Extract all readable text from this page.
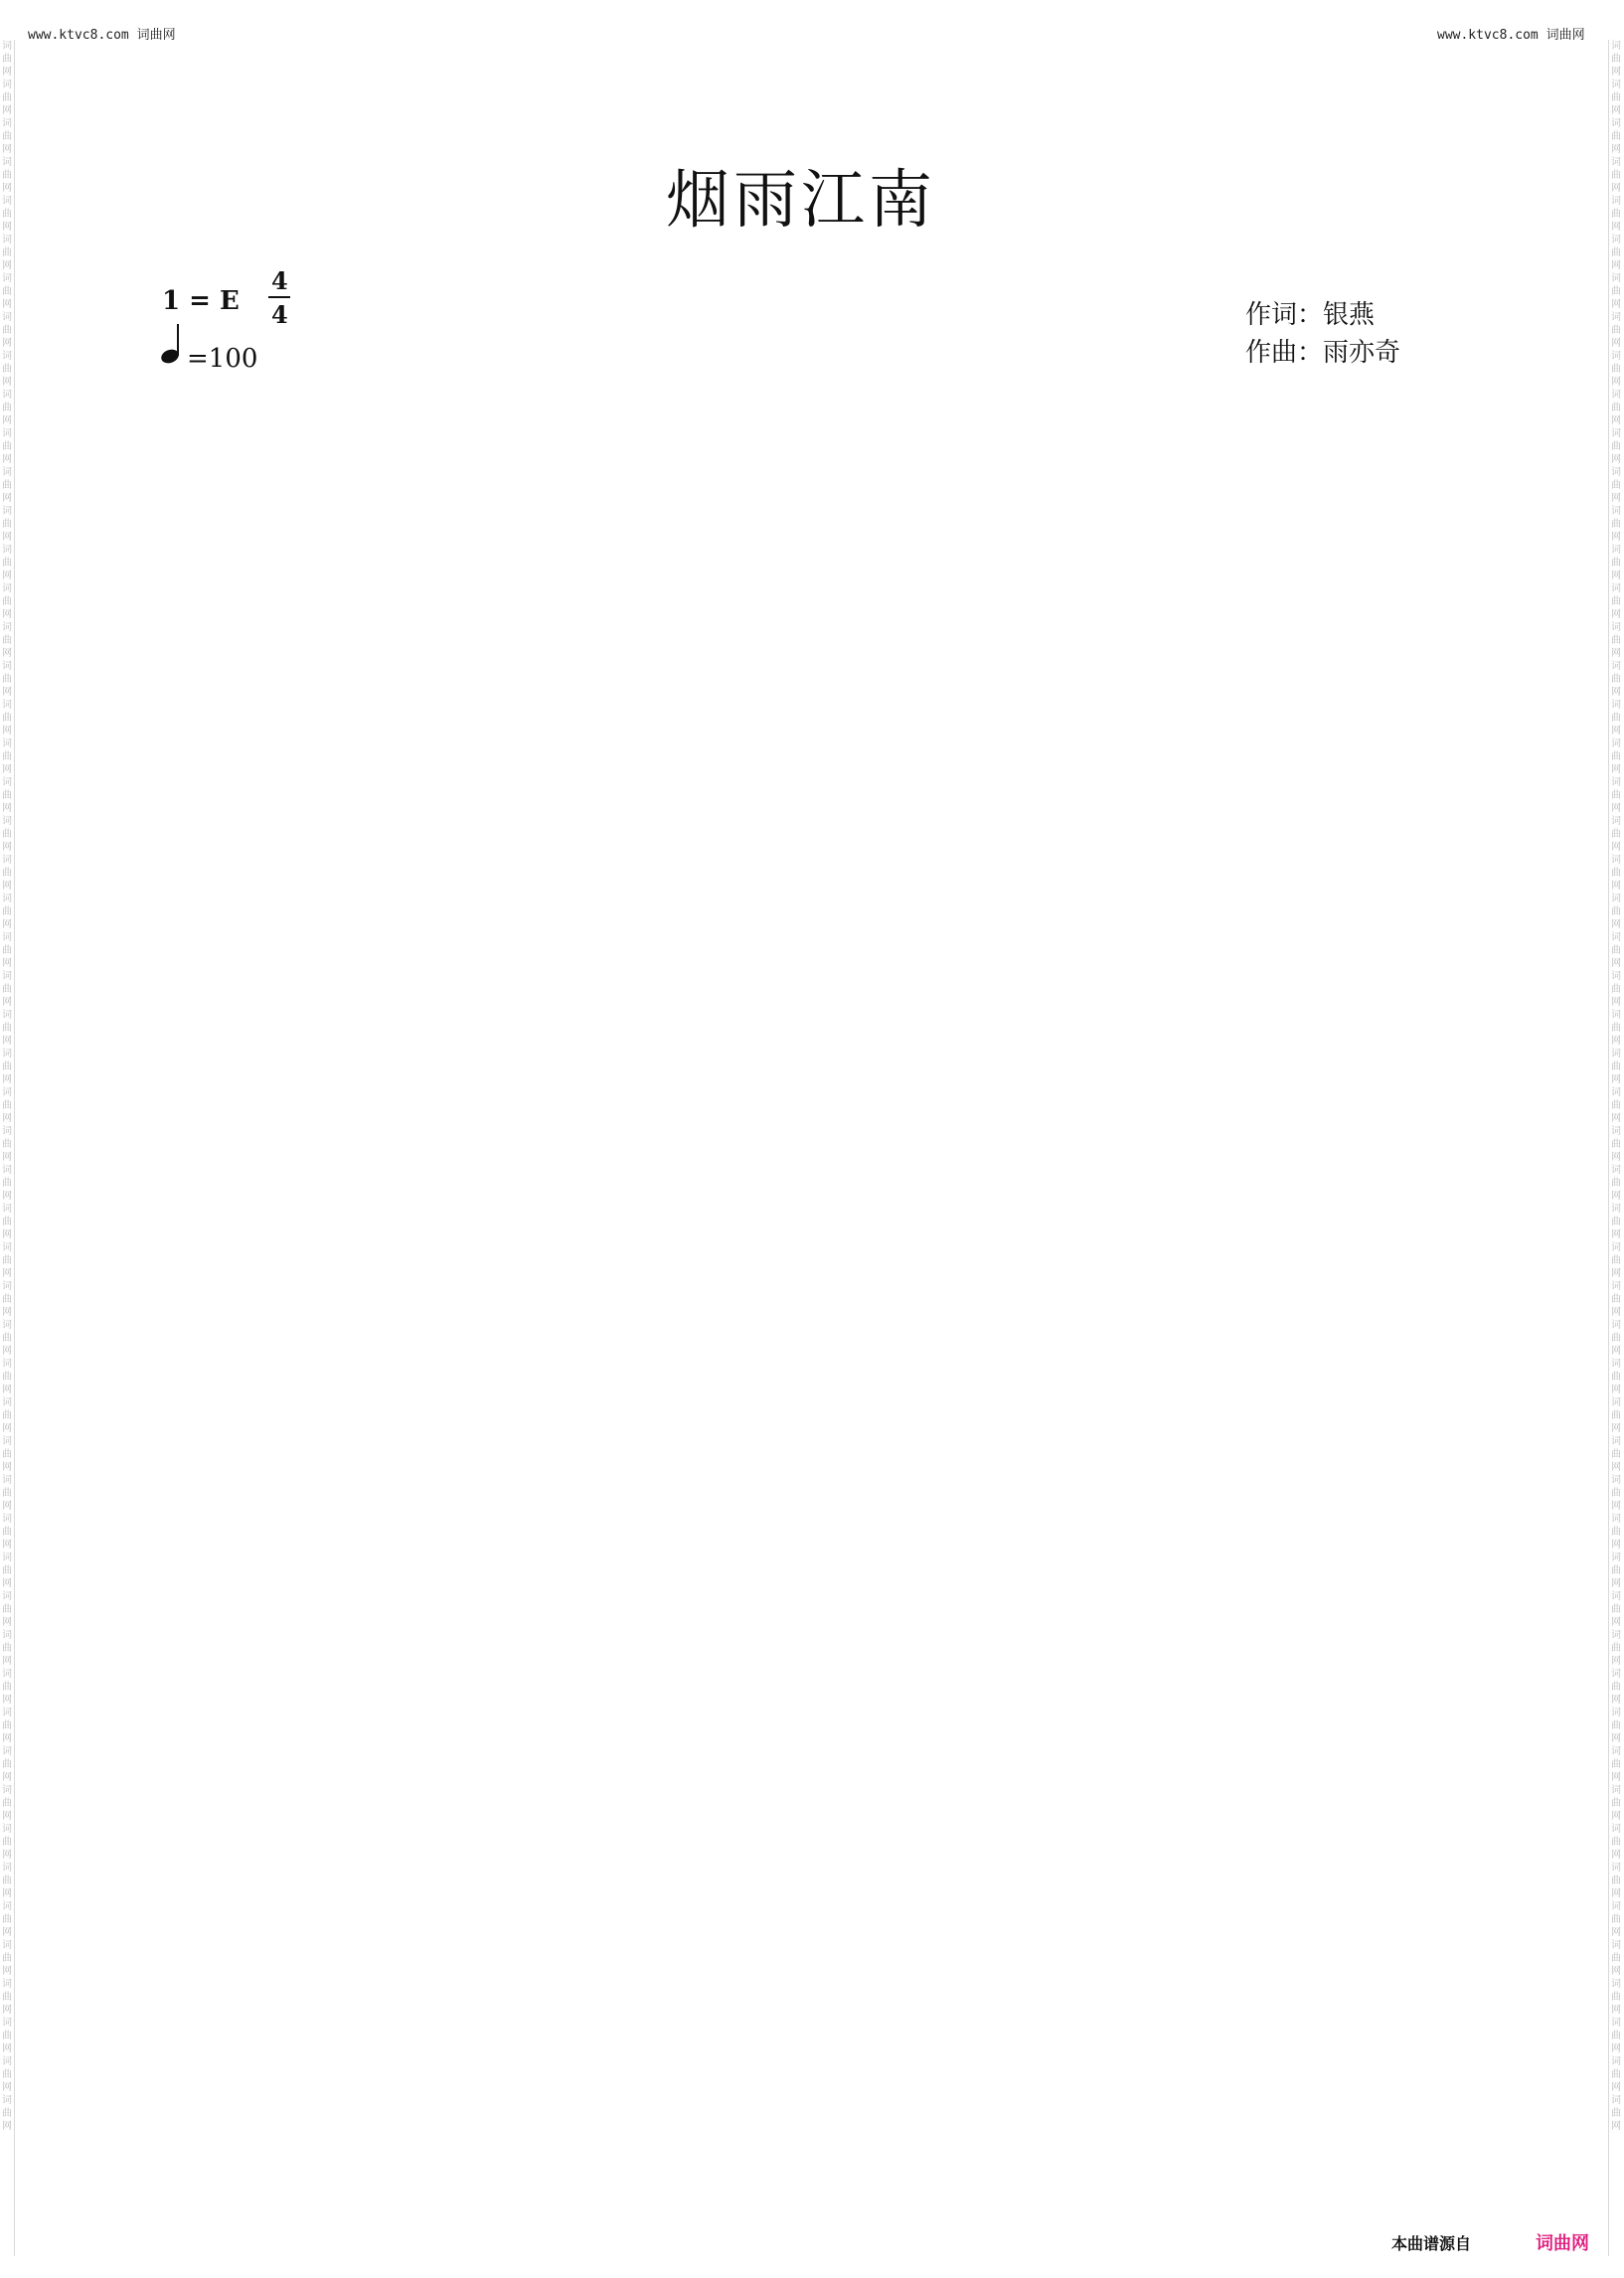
www.ktvc8.com 词曲网	www.ktvc8.com 词曲网
词
曲
网
词
曲
网
词
曲
网
词
曲
网
词
曲
网
词
曲
网
词
曲
网
词
曲
网
词
曲
网
词
曲
网
词
曲
网
词
曲
网
词
曲
网
词
曲
网
词
曲
网
词
曲
网
词
曲
网
词
曲
网
词
曲
网
词
曲
网
词
曲
网
词
曲
网
词
曲
网
词
曲
网
词
曲
网
词
曲
网
词
曲
网
词
曲
网
词
曲
网
词
曲
网
词
曲
网
词
曲
网
词
曲
网
词
曲
网
词
曲
网
词
曲
网
词
曲
网
词
曲
网
词
曲
网
词
曲
网
词
曲
网
词
曲
网
词
曲
网
词
曲
网
词
曲
网
词
曲
网
词
曲
网
词
曲
网
词
曲
网
词
曲
网
词
曲
网
词
曲
网
词
曲
网
词
曲
网
词
曲
网
词
曲
网
词
曲
网
词
曲
网
词
曲
网
词
曲
网
词
曲
网
词
曲
网
词
曲
网
词
曲
网
词
曲
网
词
曲
网
词
曲
网
词
曲
网
词
曲
网
词
曲
网
词
曲
网
词
曲
网
词
曲
网
词
曲
网
词
曲
网
词
曲
网
词
曲
网
词
曲
网
词
曲
网
词
曲
网
词
曲
网
词
曲
网
词
曲
网
词
曲
网
词
曲
网
词
曲
网
词
曲
网
词
曲
网
词
曲
网
词
曲
网
词
曲
网
词
曲
网
词
曲
网
词
曲
网
词
曲
网
词
曲
网
词
曲
网
词
曲
网
词
曲
网
词
曲
网
词
曲
网
词
曲
网
词
曲
网
词
曲
网
词
曲
网
词
曲
网
词
曲
网
词
曲
网
烟雨江南
1 = E
4
4
=100
作词：银燕
作曲：雨亦奇
本曲谱源自	词曲网
